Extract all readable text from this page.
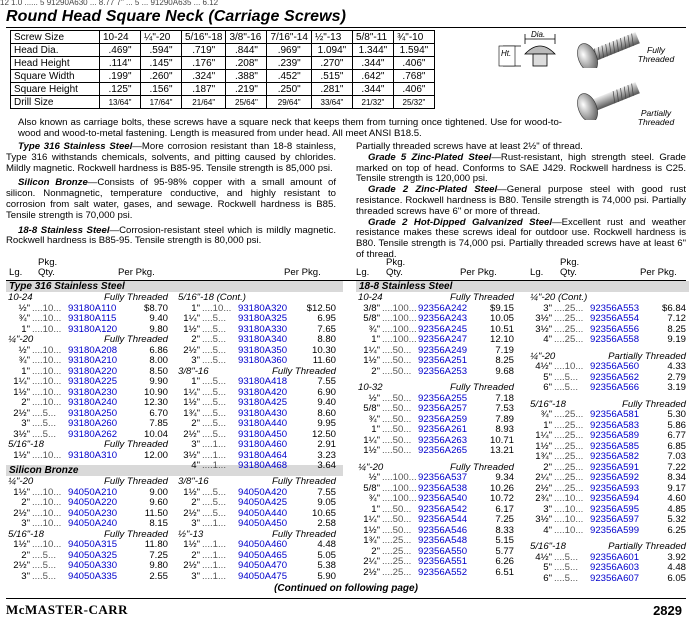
12 1.0 ...... 5 91290A630 ... 8.77 7" ... 5 ... 91290A635 ... 6.12
Round Head Square Neck (Carriage Screws)
Screw Size	10-24	¼"-20	5/16"-18	3/8"-16	7/16"-14	½"-13	5/8"-11	¾"-10
Head Dia.	.469"	.594"	.719"	.844"	.969"	1.094"	1.344"	1.594"
Head Height	.114"	.145"	.176"	.208"	.239"	.270"	.344"	.406"
Square Width	.199"	.260"	.324"	.388"	.452"	.515"	.642"	.768"
Square Height	.125"	.156"	.187"	.219"	.250"	.281"	.344"	.406"
Drill Size	13/64"	17/64"	21/64"	25/64"	29/64"	33/64"	21/32"	25/32"
Dia.
Ht.	Fully Threaded
Partially Threaded
Also known as carriage bolts, these screws have a square neck that keeps them from turning once tightened. Use for wood-to-wood and wood-to-metal fastening. Length is measured from under head. All meet ANSI B18.5.
Type 316 Stainless Steel—More corrosion resistant than 18-8 stainless, Type 316 withstands chemicals, solvents, and pitting caused by chlorides. Mildly magnetic. Rockwell hardness is B85-95. Tensile strength is 85,000 psi.
Silicon Bronze—Consists of 95-98% copper with a small amount of silicon. Nonmagnetic, temperature conductive, and highly resistant to corrosion from salt water, gases, and sewage. Rockwell hardness is B85. Tensile strength is 70,000 psi.
18-8 Stainless Steel—Corrosion-resistant steel which is mildly magnetic. Rockwell hardness is B85-95. Tensile strength is 80,000 psi.
Partially threaded screws have at least 2½" of thread.
Grade 5 Zinc-Plated Steel—Rust-resistant, high strength steel. Grade marked on top of head. Conforms to SAE J429. Rockwell hardness is C25. Tensile strength is 120,000 psi.
Grade 2 Zinc-Plated Steel—General purpose steel with good rust resistance. Rockwell hardness is B80. Tensile strength is 74,000 psi. Partially threaded screws have 6" or more of thread.
Grade 2 Hot-Dipped Galvanized Steel—Excellent rust and weather resistance makes these screws ideal for outdoor use. Rockwell hardness is B80. Tensile strength is 74,000 psi. Partially threaded screws have at least 6" of thread.
Pkg.
Lg. Qty.	Per Pkg.	Per Pkg.
Pkg.
Lg. Qty.	Per Pkg.
Pkg.
Lg. Qty.	Per Pkg.
Type 316 Stainless Steel	18-8 Stainless Steel
Silicon Bronze
10-24	Fully Threaded
½" ....10... 93180A110	$8.70
¾" ....10... 93180A115	9.40
1" ....10... 93180A120	9.80
¼"-20	Fully Threaded
½" ....10... 93180A208	6.86
¾" ....10... 93180A210	8.00
1" ....10... 93180A220	8.50
1¼" ....10... 93180A225	9.90
1½" ....10... 93180A230	10.90
2" ....10... 93180A240	12.30
2½" ....5... 93180A250	6.70
3" ....5... 93180A260	7.85
3½" ....5... 93180A262	10.04
5/16"-18	Fully Threaded
1½" ....10... 93180A310	12.00
5/16"-18 (Cont.)
1" ....10... 93180A320 $12.50
1¼" ....5... 93180A325	6.95
1½" ....5... 93180A330	7.65
2" ....5... 93180A340	8.80
2½" ....5... 93180A350	10.30
3" ....5... 93180A360	11.60
3/8"-16	Fully Threaded
1" ....5... 93180A418	7.55
1¼" ....5... 93180A420	6.90
1½" ....5... 93180A425	9.40
1¾" ....5... 93180A430	8.60
2" ....5... 93180A440	9.95
2½" ....5... 93180A450	12.50
3" ....1... 93180A460	2.91
3½" ....1... 93180A464	3.23
4" ....1... 93180A468	3.64
¼"-20	Fully Threaded
1½" ....10... 94050A210	9.00
2" ....10... 94050A220	9.60
2½" ....10... 94050A230	11.50
3" ....10... 94050A240	8.15
5/16"-18	Fully Threaded
1½" ....10... 94050A315	11.80
2" ....5... 94050A325	7.25
2½" ....5... 94050A330	9.80
3" ....5... 94050A335	2.55
3/8"-16	Fully Threaded
1½" ....5... 94050A420	7.55
2" ....5... 94050A425	9.05
2½" ....5... 94050A440	10.65
3" ....1... 94050A450	2.58
½"-13	Fully Threaded
1½" ....1... 94050A460	4.48
2" ....1... 94050A465	5.05
2½" ....1... 94050A470	5.38
3" ....1... 94050A475	5.90
10-24	Fully Threaded
3/8" ....100... 92356A242 $9.15
5/8" ....100... 92356A243 10.05
¾" ....100... 92356A245 10.51
1" ....100... 92356A247 12.10
1¼" ....50... 92356A249	7.19
1½" ....50... 92356A251	8.25
2" ....50... 92356A253	9.68
10-32	Fully Threaded
½" ....50... 92356A255	7.18
5/8" ....50... 92356A257	7.53
¾" ....50... 92356A259	7.89
1" ....50... 92356A261	8.93
1¼" ....50... 92356A263 10.71
1½" ....50... 92356A265 13.21
¼"-20	Fully Threaded
½" ....100... 92356A537	9.34
5/8" ....100... 92356A538 10.26
¾" ....100... 92356A540 10.72
1" ....50... 92356A542	6.17
1¼" ....50... 92356A544	7.25
1½" ....50... 92356A546	8.33
1¾" ....25... 92356A548	5.15
2" ....25... 92356A550	5.77
2¼" ....25... 92356A551	6.26
2½" ....25... 92356A552	6.51
¼"-20 (Cont.)
3" ....25... 92356A553 $6.84
3½" ....25... 92356A554	7.12
3½" ....25... 92356A556	8.25
4" ....25... 92356A558	9.19
¼"-20	Partially Threaded
4½" ....10... 92356A560	4.33
5" ....5... 92356A562	2.79
6" ....5... 92356A566	3.19
5/16"-18	Fully Threaded
¾" ....25... 92356A581	5.30
1" ....25... 92356A583	5.86
1¼" ....25... 92356A589	6.77
1½" ....25... 92356A585	6.85
1¾" ....25... 92356A582	7.03
2" ....25... 92356A591	7.22
2¼" ....25... 92356A592	8.34
2½" ....25... 92356A593	9.17
2¾" ....10... 92356A594	4.60
3" ....10... 92356A595	4.85
3½" ....10... 92356A597	5.32
4" ....10... 92356A599	6.25
5/16"-18	Partially Threaded
4½" ....5... 92356A601	3.92
5" ....5... 92356A603	4.48
6" ....5... 92356A607	6.05
(Continued on following page)
McMASTER-CARR	2829
